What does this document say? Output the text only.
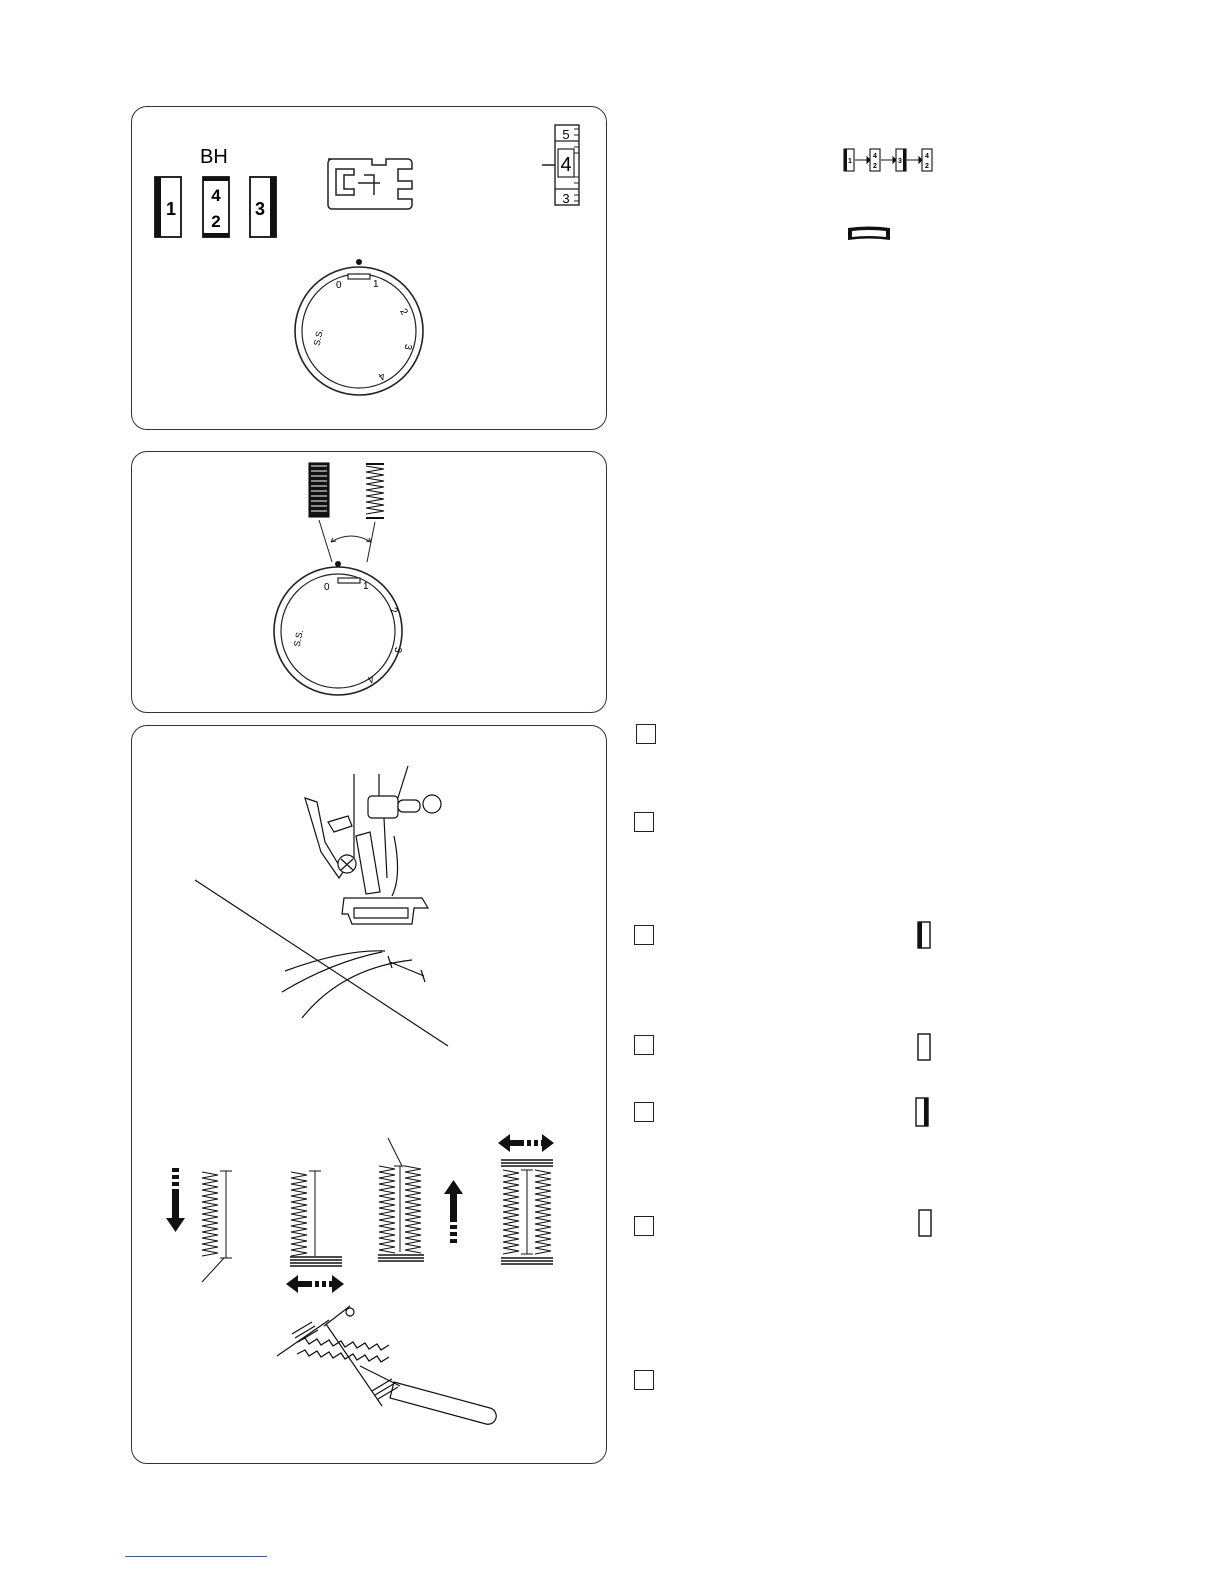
BH
1
4
2
3
5
4
3
0	1
2
3
4
S.S.
0	1
2
3
4
S.S.
1
4
2
3
4
2
